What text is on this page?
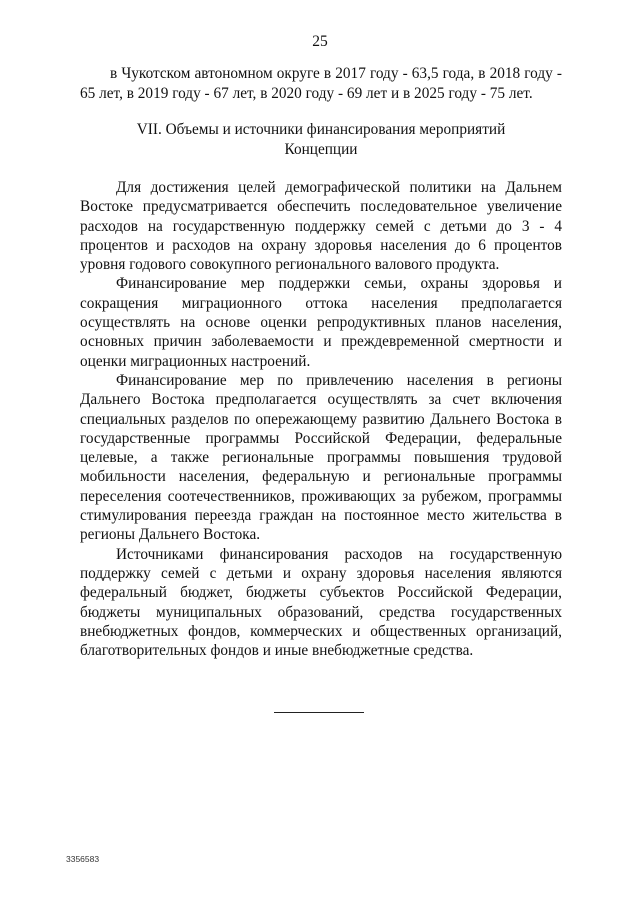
25
в Чукотском автономном округе в 2017 году - 63,5 года, в 2018 году -
65 лет, в 2019 году - 67 лет, в 2020 году - 69 лет и в 2025 году - 75 лет.
VII. Объемы и источники финансирования мероприятий
Концепции

Для достижения целей демографической политики на Дальнем Востоке предусматривается обеспечить последовательное увеличение расходов на государственную поддержку семей с детьми до 3 - 4 процентов и расходов на охрану здоровья населения до 6 процентов уровня годового совокупного регионального валового продукта.

Финансирование мер поддержки семьи, охраны здоровья и сокращения миграционного оттока населения предполагается осуществлять на основе оценки репродуктивных планов населения, основных причин заболеваемости и преждевременной смертности и оценки миграционных настроений.

Финансирование мер по привлечению населения в регионы Дальнего Востока предполагается осуществлять за счет включения специальных разделов по опережающему развитию Дальнего Востока в государственные программы Российской Федерации, федеральные целевые, а также региональные программы повышения трудовой мобильности населения, федеральную и региональные программы переселения соотечественников, проживающих за рубежом, программы стимулирования переезда граждан на постоянное место жительства в регионы Дальнего Востока.

Источниками финансирования расходов на государственную поддержку семей с детьми и охрану здоровья населения являются федеральный бюджет, бюджеты субъектов Российской Федерации, бюджеты муниципальных образований, средства государственных внебюджетных фондов, коммерческих и общественных организаций, благотворительных фондов и иные внебюджетные средства.

3356583
